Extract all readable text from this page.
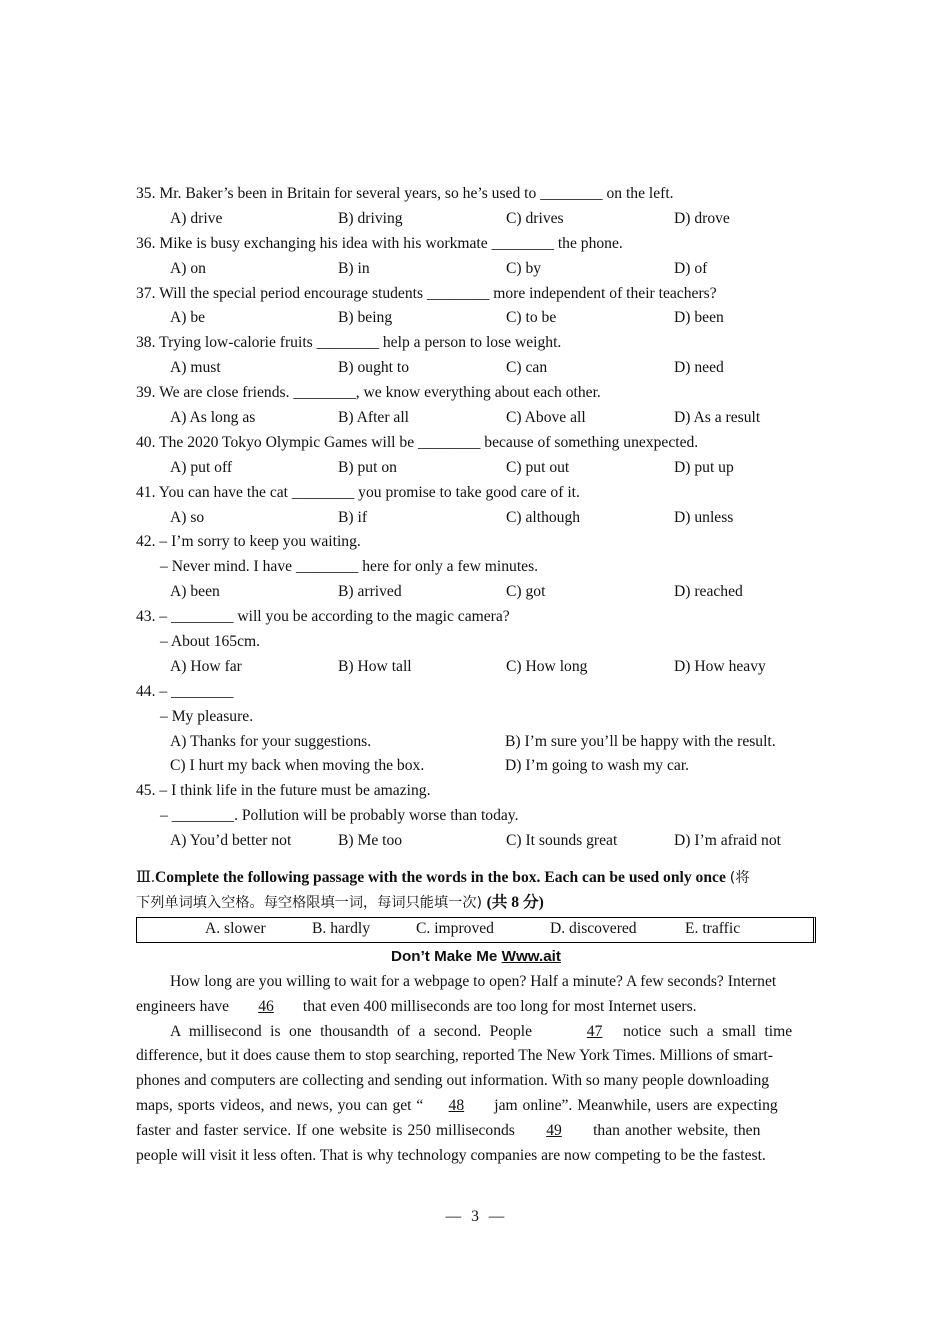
35. Mr. Baker’s been in Britain for several years, so he’s used to ________ on the left.
A) drive	B) driving	C) drives	D) drove
36. Mike is busy exchanging his idea with his workmate ________ the phone.
A) on	B) in	C) by	D) of
37. Will the special period encourage students ________ more independent of their teachers?
A) be	B) being	C) to be	D) been
38. Trying low-calorie fruits ________ help a person to lose weight.
A) must	B) ought to	C) can	D) need
39. We are close friends. ________, we know everything about each other.
A) As long as	B) After all	C) Above all	D) As a result
40. The 2020 Tokyo Olympic Games will be ________ because of something unexpected.
A) put off	B) put on	C) put out	D) put up
41. You can have the cat ________ you promise to take good care of it.
A) so	B) if	C) although	D) unless
42. – I’m sorry to keep you waiting.
– Never mind. I have ________ here for only a few minutes.
A) been	B) arrived	C) got	D) reached
43. – ________ will you be according to the magic camera?
– About 165cm.
A) How far	B) How tall	C) How long	D) How heavy
44. – ________
– My pleasure.
A) Thanks for your suggestions.	B) I’m sure you’ll be happy with the result.
C) I hurt my back when moving the box.	D) I’m going to wash my car.
45. – I think life in the future must be amazing.
– ________. Pollution will be probably worse than today.
A) You’d better not	B) Me too	C) It sounds great	D) I’m afraid not
Ⅲ.Complete the following passage with the words in the box. Each can be used only once (将
下列单词填入空格。每空格限填一词，每词只能填一次) (共 8 分)
A. slower	B. hardly	C. improved	D. discovered	E. traffic
Don’t Make Me Www.ait
How long are you willing to wait for a webpage to open? Half a minute? A few seconds? Internet
engineers have 46 that even 400 milliseconds are too long for most Internet users.
A millisecond is one thousandth of a second. People	47 notice such a small time
difference, but it does cause them to stop searching, reported The New York Times. Millions of smart-
phones and computers are collecting and sending out information. With so many people downloading
maps, sports videos, and news, you can get “ 48 jam online”. Meanwhile, users are expecting
faster and faster service. If one website is 250 milliseconds 49 than another website, then
people will visit it less often. That is why technology companies are now competing to be the fastest.
— 3 —
